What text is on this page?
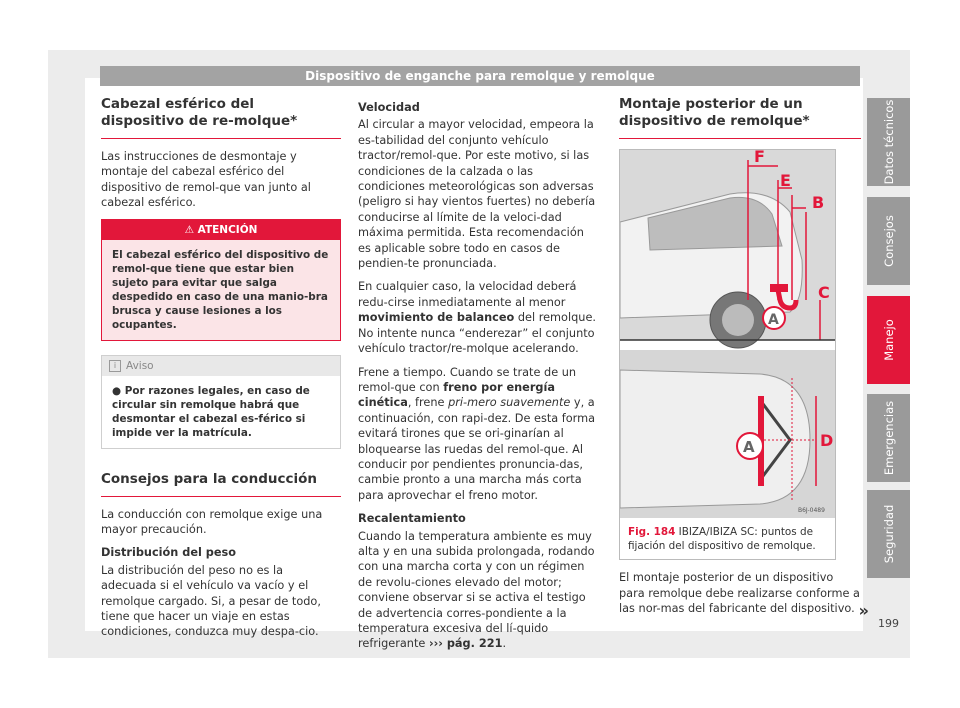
Dispositivo de enganche para remolque y remolque
Datos técnicos
Consejos
Manejo
Emergencias
Seguridad
Cabezal esférico del dispositivo de re-molque*

Las instrucciones de desmontaje y montaje del cabezal esférico del dispositivo de remol-que van junto al cabezal esférico.

⚠ ATENCIÓN
El cabezal esférico del dispositivo de remol-que tiene que estar bien sujeto para evitar que salga despedido en caso de una manio-bra brusca y cause lesiones a los ocupantes.
i Aviso
● Por razones legales, en caso de circular sin remolque habrá que desmontar el cabezal es-férico si impide ver la matrícula.
Consejos para la conducción

La conducción con remolque exige una mayor precaución.

Distribución del peso

La distribución del peso no es la adecuada si el vehículo va vacío y el remolque cargado. Si, a pesar de todo, tiene que hacer un viaje en estas condiciones, conduzca muy despa-cio.

Velocidad

Al circular a mayor velocidad, empeora la es-tabilidad del conjunto vehículo tractor/remol-que. Por este motivo, si las condiciones de la calzada o las condiciones meteorológicas son adversas (peligro si hay vientos fuertes) no debería conducirse al límite de la veloci-dad máxima permitida. Esta recomendación es aplicable sobre todo en casos de pendien-te pronunciada.

En cualquier caso, la velocidad deberá redu-cirse inmediatamente al menor movimiento de balanceo del remolque. No intente nunca “enderezar” el conjunto vehículo tractor/re-molque acelerando.

Frene a tiempo. Cuando se trate de un remol-que con freno por energía cinética, frene pri-mero suavemente y, a continuación, con rapi-dez. De esta forma evitará tirones que se ori-ginarían al bloquearse las ruedas del remol-que. Al conducir por pendientes pronuncia-das, cambie pronto a una marcha más corta para aprovechar el freno motor.

Recalentamiento

Cuando la temperatura ambiente es muy alta y en una subida prolongada, rodando con una marcha corta y con un régimen de revolu-ciones elevado del motor; conviene observar si se activa el testigo de advertencia corres-pondiente a la temperatura excesiva del lí-quido refrigerante ››› pág. 221.

Montaje posterior de un dispositivo de remolque*
F
E
B
C
A
D
A
B6J-0489
Fig. 184 IBIZA/IBIZA SC: puntos de fijación del dispositivo de remolque.

El montaje posterior de un dispositivo para remolque debe realizarse conforme a las nor-mas del fabricante del dispositivo. »
199
